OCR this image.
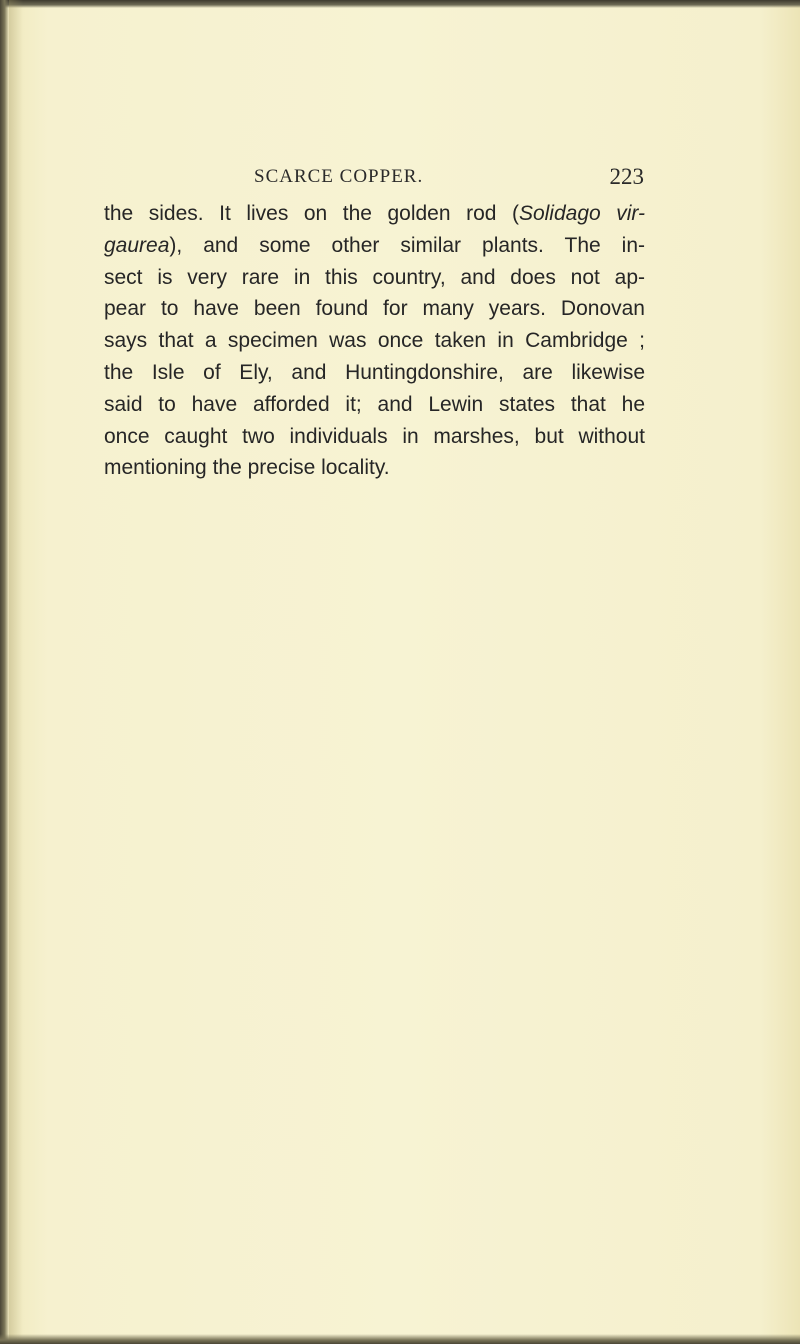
SCARCE COPPER.	223
the sides. It lives on the golden rod (Solidago vir-
gaurea), and some other similar plants. The in-
sect is very rare in this country, and does not ap-
pear to have been found for many years. Donovan
says that a specimen was once taken in Cambridge ;
the Isle of Ely, and Huntingdonshire, are likewise
said to have afforded it; and Lewin states that he
once caught two individuals in marshes, but without
mentioning the precise locality.
